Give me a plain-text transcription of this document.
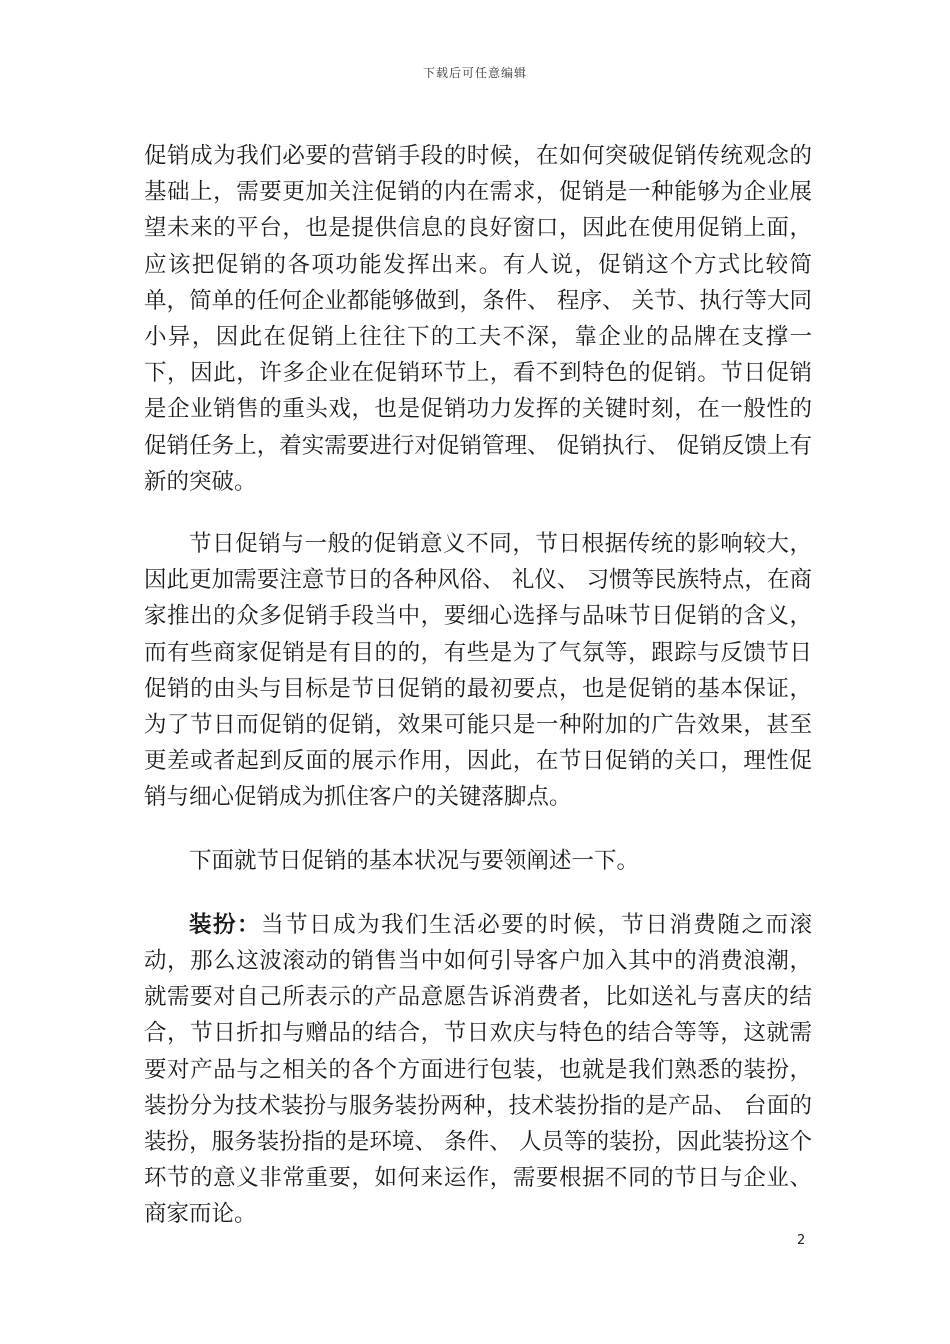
下载后可任意编辑

促销成为我们必要的营销手段的时候，在如何突破促销传统观念的基础上，需要更加关注促销的内在需求，促销是一种能够为企业展望未来的平台，也是提供信息的良好窗口，因此在使用促销上面，应该把促销的各项功能发挥出来。有人说，促销这个方式比较简单，简单的任何企业都能够做到，条件、 程序、 关节、执行等大同小异，因此在促销上往往下的工夫不深，靠企业的品牌在支撑一下，因此，许多企业在促销环节上，看不到特色的促销。节日促销是企业销售的重头戏，也是促销功力发挥的关键时刻，在一般性的促销任务上，着实需要进行对促销管理、 促销执行、 促销反馈上有新的突破。

节日促销与一般的促销意义不同，节日根据传统的影响较大，因此更加需要注意节日的各种风俗、 礼仪、 习惯等民族特点，在商家推出的众多促销手段当中，要细心选择与品味节日促销的含义，而有些商家促销是有目的的，有些是为了气氛等，跟踪与反馈节日促销的由头与目标是节日促销的最初要点，也是促销的基本保证，为了节日而促销的促销，效果可能只是一种附加的广告效果，甚至更差或者起到反面的展示作用，因此，在节日促销的关口，理性促销与细心促销成为抓住客户的关键落脚点。

下面就节日促销的基本状况与要领阐述一下。

装扮：当节日成为我们生活必要的时候，节日消费随之而滚动，那么这波滚动的销售当中如何引导客户加入其中的消费浪潮，就需要对自己所表示的产品意愿告诉消费者，比如送礼与喜庆的结合，节日折扣与赠品的结合，节日欢庆与特色的结合等等，这就需要对产品与之相关的各个方面进行包装，也就是我们熟悉的装扮，装扮分为技术装扮与服务装扮两种，技术装扮指的是产品、 台面的装扮，服务装扮指的是环境、 条件、 人员等的装扮，因此装扮这个环节的意义非常重要，如何来运作，需要根据不同的节日与企业、 商家而论。

2
